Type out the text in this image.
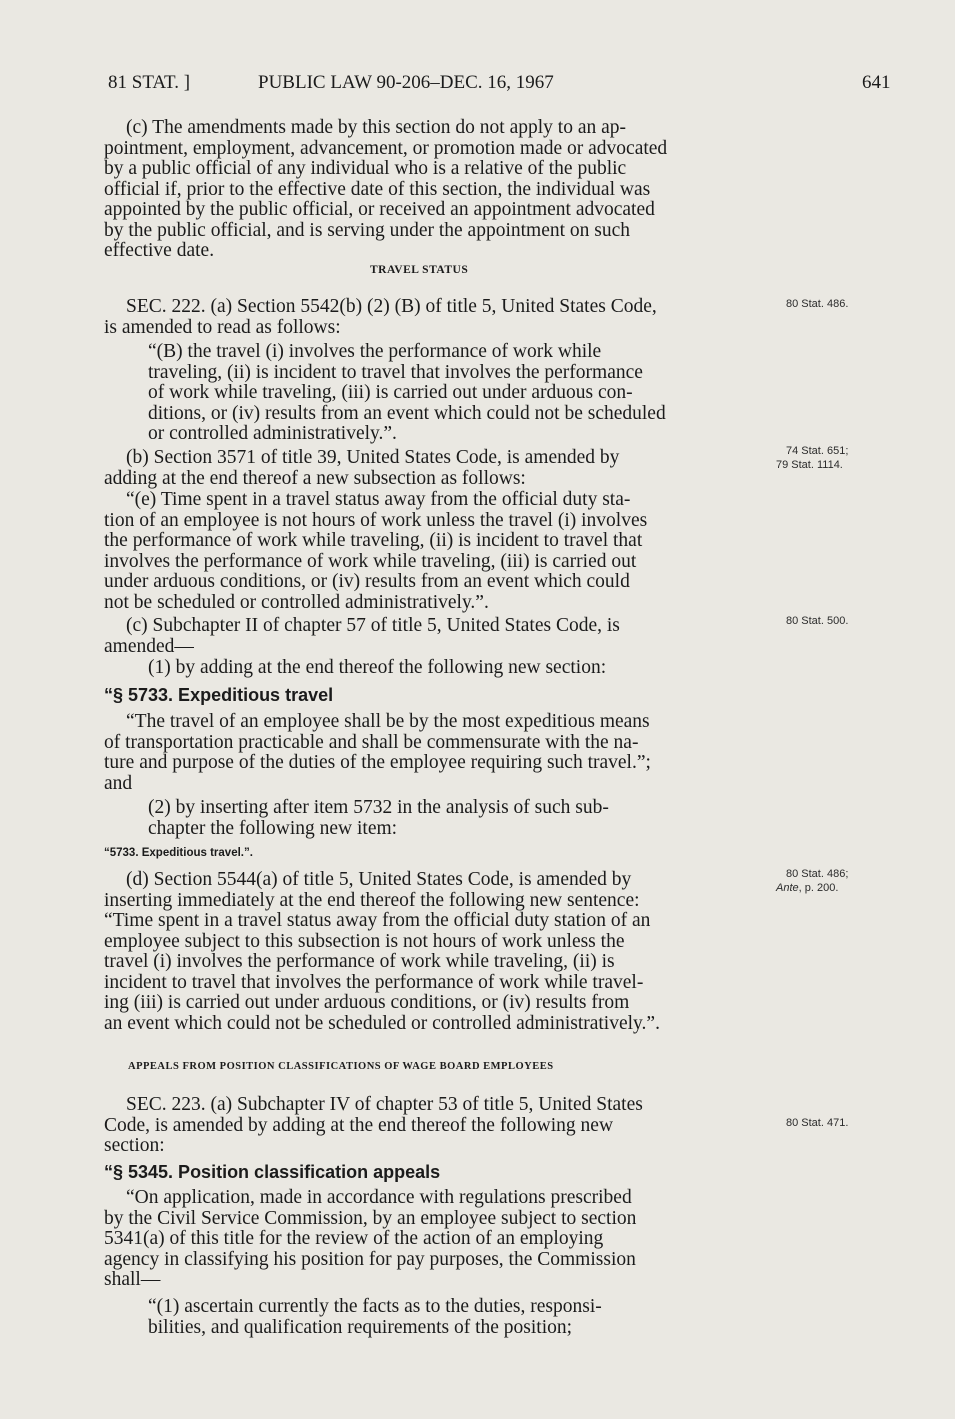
81 STAT. ]	PUBLIC LAW 90-206–DEC. 16, 1967	641
(c) The amendments made by this section do not apply to an ap-
pointment, employment, advancement, or promotion made or advocated
by a public official of any individual who is a relative of the public
official if, prior to the effective date of this section, the individual was
appointed by the public official, or received an appointment advocated
by the public official, and is serving under the appointment on such
effective date.
TRAVEL STATUS
SEC. 222. (a) Section 5542(b) (2) (B) of title 5, United States Code,
is amended to read as follows:
“(B) the travel (i) involves the performance of work while
traveling, (ii) is incident to travel that involves the performance
of work while traveling, (iii) is carried out under arduous con-
ditions, or (iv) results from an event which could not be scheduled
or controlled administratively.”.
(b) Section 3571 of title 39, United States Code, is amended by
adding at the end thereof a new subsection as follows:
“(e) Time spent in a travel status away from the official duty sta-
tion of an employee is not hours of work unless the travel (i) involves
the performance of work while traveling, (ii) is incident to travel that
involves the performance of work while traveling, (iii) is carried out
under arduous conditions, or (iv) results from an event which could
not be scheduled or controlled administratively.”.
(c) Subchapter II of chapter 57 of title 5, United States Code, is
amended—
(1) by adding at the end thereof the following new section:
“§ 5733. Expeditious travel
“The travel of an employee shall be by the most expeditious means
of transportation practicable and shall be commensurate with the na-
ture and purpose of the duties of the employee requiring such travel.”;
and
(2) by inserting after item 5732 in the analysis of such sub-
chapter the following new item:
“5733. Expeditious travel.”.
(d) Section 5544(a) of title 5, United States Code, is amended by
inserting immediately at the end thereof the following new sentence:
“Time spent in a travel status away from the official duty station of an
employee subject to this subsection is not hours of work unless the
travel (i) involves the performance of work while traveling, (ii) is
incident to travel that involves the performance of work while travel-
ing (iii) is carried out under arduous conditions, or (iv) results from
an event which could not be scheduled or controlled administratively.”.
APPEALS FROM POSITION CLASSIFICATIONS OF WAGE BOARD EMPLOYEES
SEC. 223. (a) Subchapter IV of chapter 53 of title 5, United States
Code, is amended by adding at the end thereof the following new
section:
“§ 5345. Position classification appeals
“On application, made in accordance with regulations prescribed
by the Civil Service Commission, by an employee subject to section
5341(a) of this title for the review of the action of an employing
agency in classifying his position for pay purposes, the Commission
shall—
“(1) ascertain currently the facts as to the duties, responsi-
bilities, and qualification requirements of the position;
80 Stat. 486.
74 Stat. 651;
79 Stat. 1114.
80 Stat. 500.
80 Stat. 486;
Ante, p. 200.
80 Stat. 471.
